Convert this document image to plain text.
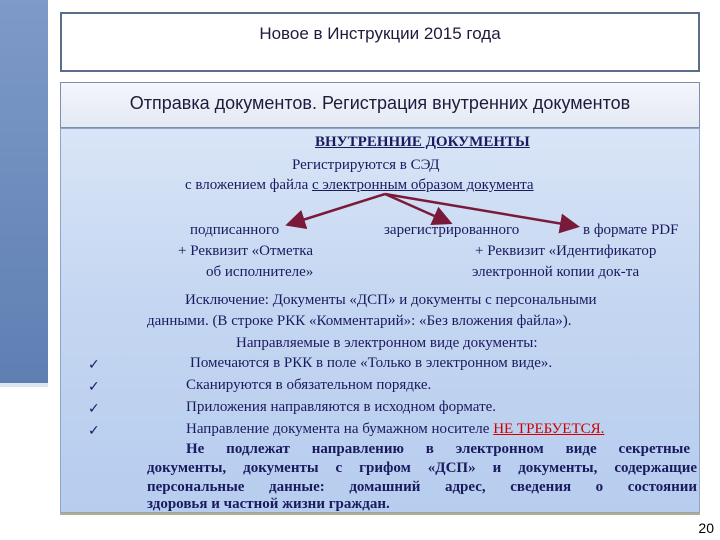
Новое в Инструкции 2015 года
Отправка документов. Регистрация внутренних документов
ВНУТРЕННИЕ ДОКУМЕНТЫ
Регистрируются в СЭД
с вложением файла с электронным образом документа
подписанного
+ Реквизит «Отметка
об исполнителе»
зарегистрированного	в формате PDF
+ Реквизит «Идентификатор
электронной копии док-та
Исключение: Документы «ДСП» и документы с персональными
данными. (В строке РКК «Комментарий»: «Без вложения файла»).
Направляемые в электронном виде документы:
✓	Помечаются в РКК в поле «Только в электронном виде».
✓	Сканируются в обязательном порядке.
✓	Приложения направляются в исходном формате.
✓	Направление документа на бумажном носителе НЕ ТРЕБУЕТСЯ.
Не подлежат направлению в электронном виде секретные
документы, документы с грифом «ДСП» и документы, содержащие
персональные данные: домашний адрес, сведения о состоянии
здоровья и частной жизни граждан.
20
